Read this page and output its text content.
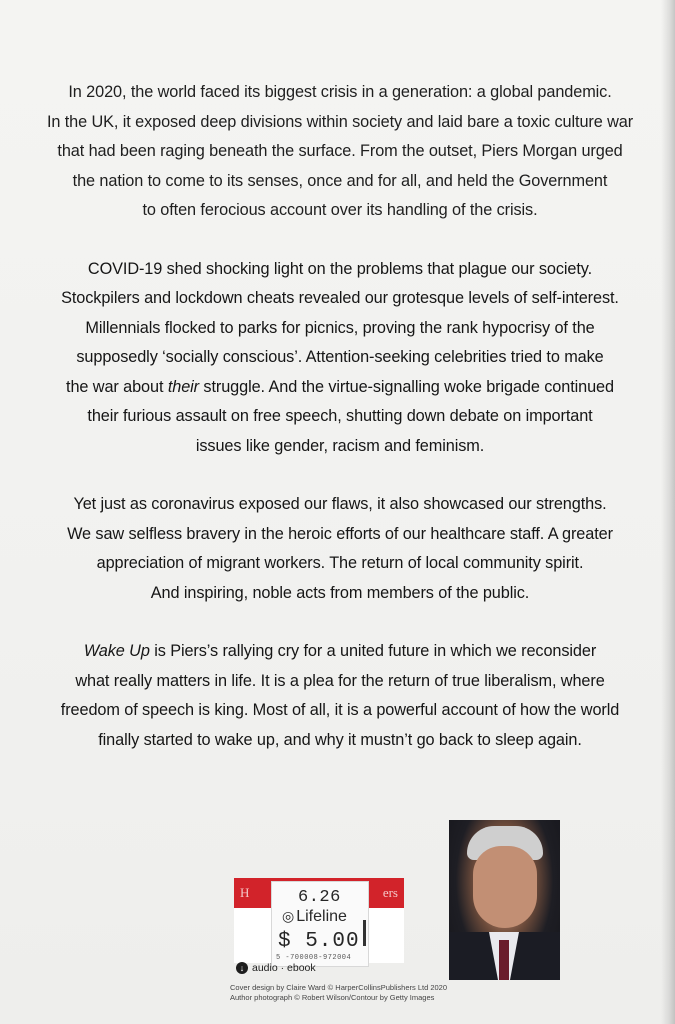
In 2020, the world faced its biggest crisis in a generation: a global pandemic.
In the UK, it exposed deep divisions within society and laid bare a toxic culture war
that had been raging beneath the surface. From the outset, Piers Morgan urged
the nation to come to its senses, once and for all, and held the Government
to often ferocious account over its handling of the crisis.

COVID-19 shed shocking light on the problems that plague our society.
Stockpilers and lockdown cheats revealed our grotesque levels of self-interest.
Millennials flocked to parks for picnics, proving the rank hypocrisy of the
supposedly ‘socially conscious’. Attention-seeking celebrities tried to make
the war about their struggle. And the virtue-signalling woke brigade continued
their furious assault on free speech, shutting down debate on important
issues like gender, racism and feminism.

Yet just as coronavirus exposed our flaws, it also showcased our strengths.
We saw selfless bravery in the heroic efforts of our healthcare staff. A greater
appreciation of migrant workers. The return of local community spirit.
And inspiring, noble acts from members of the public.

Wake Up is Piers’s rallying cry for a united future in which we reconsider
what really matters in life. It is a plea for the return of true liberalism, where
freedom of speech is king. Most of all, it is a powerful account of how the world
finally started to wake up, and why it mustn’t go back to sleep again.

H	ers
6.26
◎ Lifeline
$ 5.00
5 -700008-972004
↓ audio · ebook
Cover design by Claire Ward © HarperCollinsPublishers Ltd 2020
Author photograph © Robert Wilson/Contour by Getty Images
